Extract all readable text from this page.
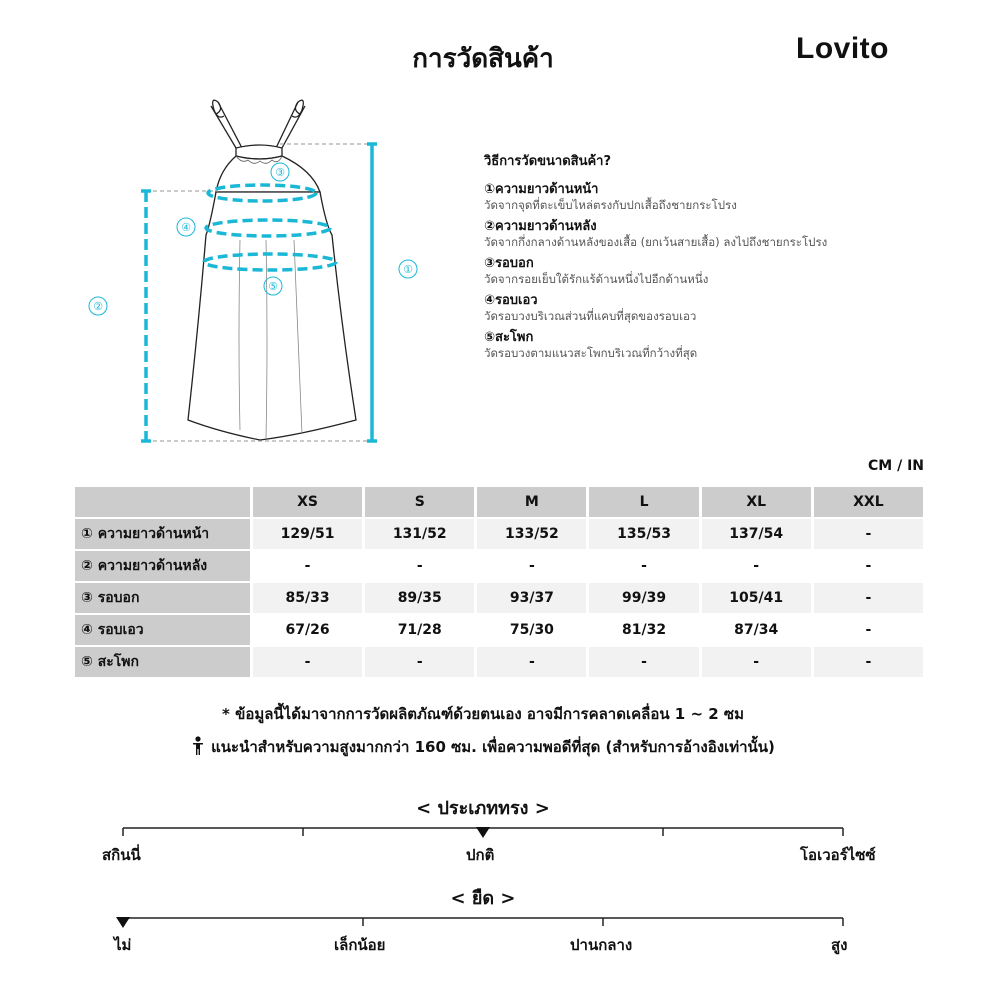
การวัดสินค้า	Lovito
③
④
⑤
①
②
วิธีการวัดขนาดสินค้า?
①ความยาวด้านหน้า
วัดจากจุดที่ตะเข็บไหล่ตรงกับปกเสื้อถึงชายกระโปรง
②ความยาวด้านหลัง
วัดจากกึ่งกลางด้านหลังของเสื้อ (ยกเว้นสายเสื้อ) ลงไปถึงชายกระโปรง
③รอบอก
วัดจากรอยเย็บใต้รักแร้ด้านหนึ่งไปอีกด้านหนึ่ง
④รอบเอว
วัดรอบวงบริเวณส่วนที่แคบที่สุดของรอบเอว
⑤สะโพก
วัดรอบวงตามแนวสะโพกบริเวณที่กว้างที่สุด
CM / IN
	XS	S	M	L	XL	XXL
① ความยาวด้านหน้า	129/51	131/52	133/52	135/53	137/54	-
② ความยาวด้านหลัง	-	-	-	-	-	-
③ รอบอก	85/33	89/35	93/37	99/39	105/41	-
④ รอบเอว	67/26	71/28	75/30	81/32	87/34	-
⑤ สะโพก	-	-	-	-	-	-
* ข้อมูลนี้ได้มาจากการวัดผลิตภัณฑ์ด้วยตนเอง อาจมีการคลาดเคลื่อน 1 ~ 2 ซม
แนะนำสำหรับความสูงมากกว่า 160 ซม. เพื่อความพอดีที่สุด (สำหรับการอ้างอิงเท่านั้น)
< ประเภททรง >
สกินนี่	ปกติ	โอเวอร์ไซซ์
< ยืด >
ไม่	เล็กน้อย	ปานกลาง	สูง
